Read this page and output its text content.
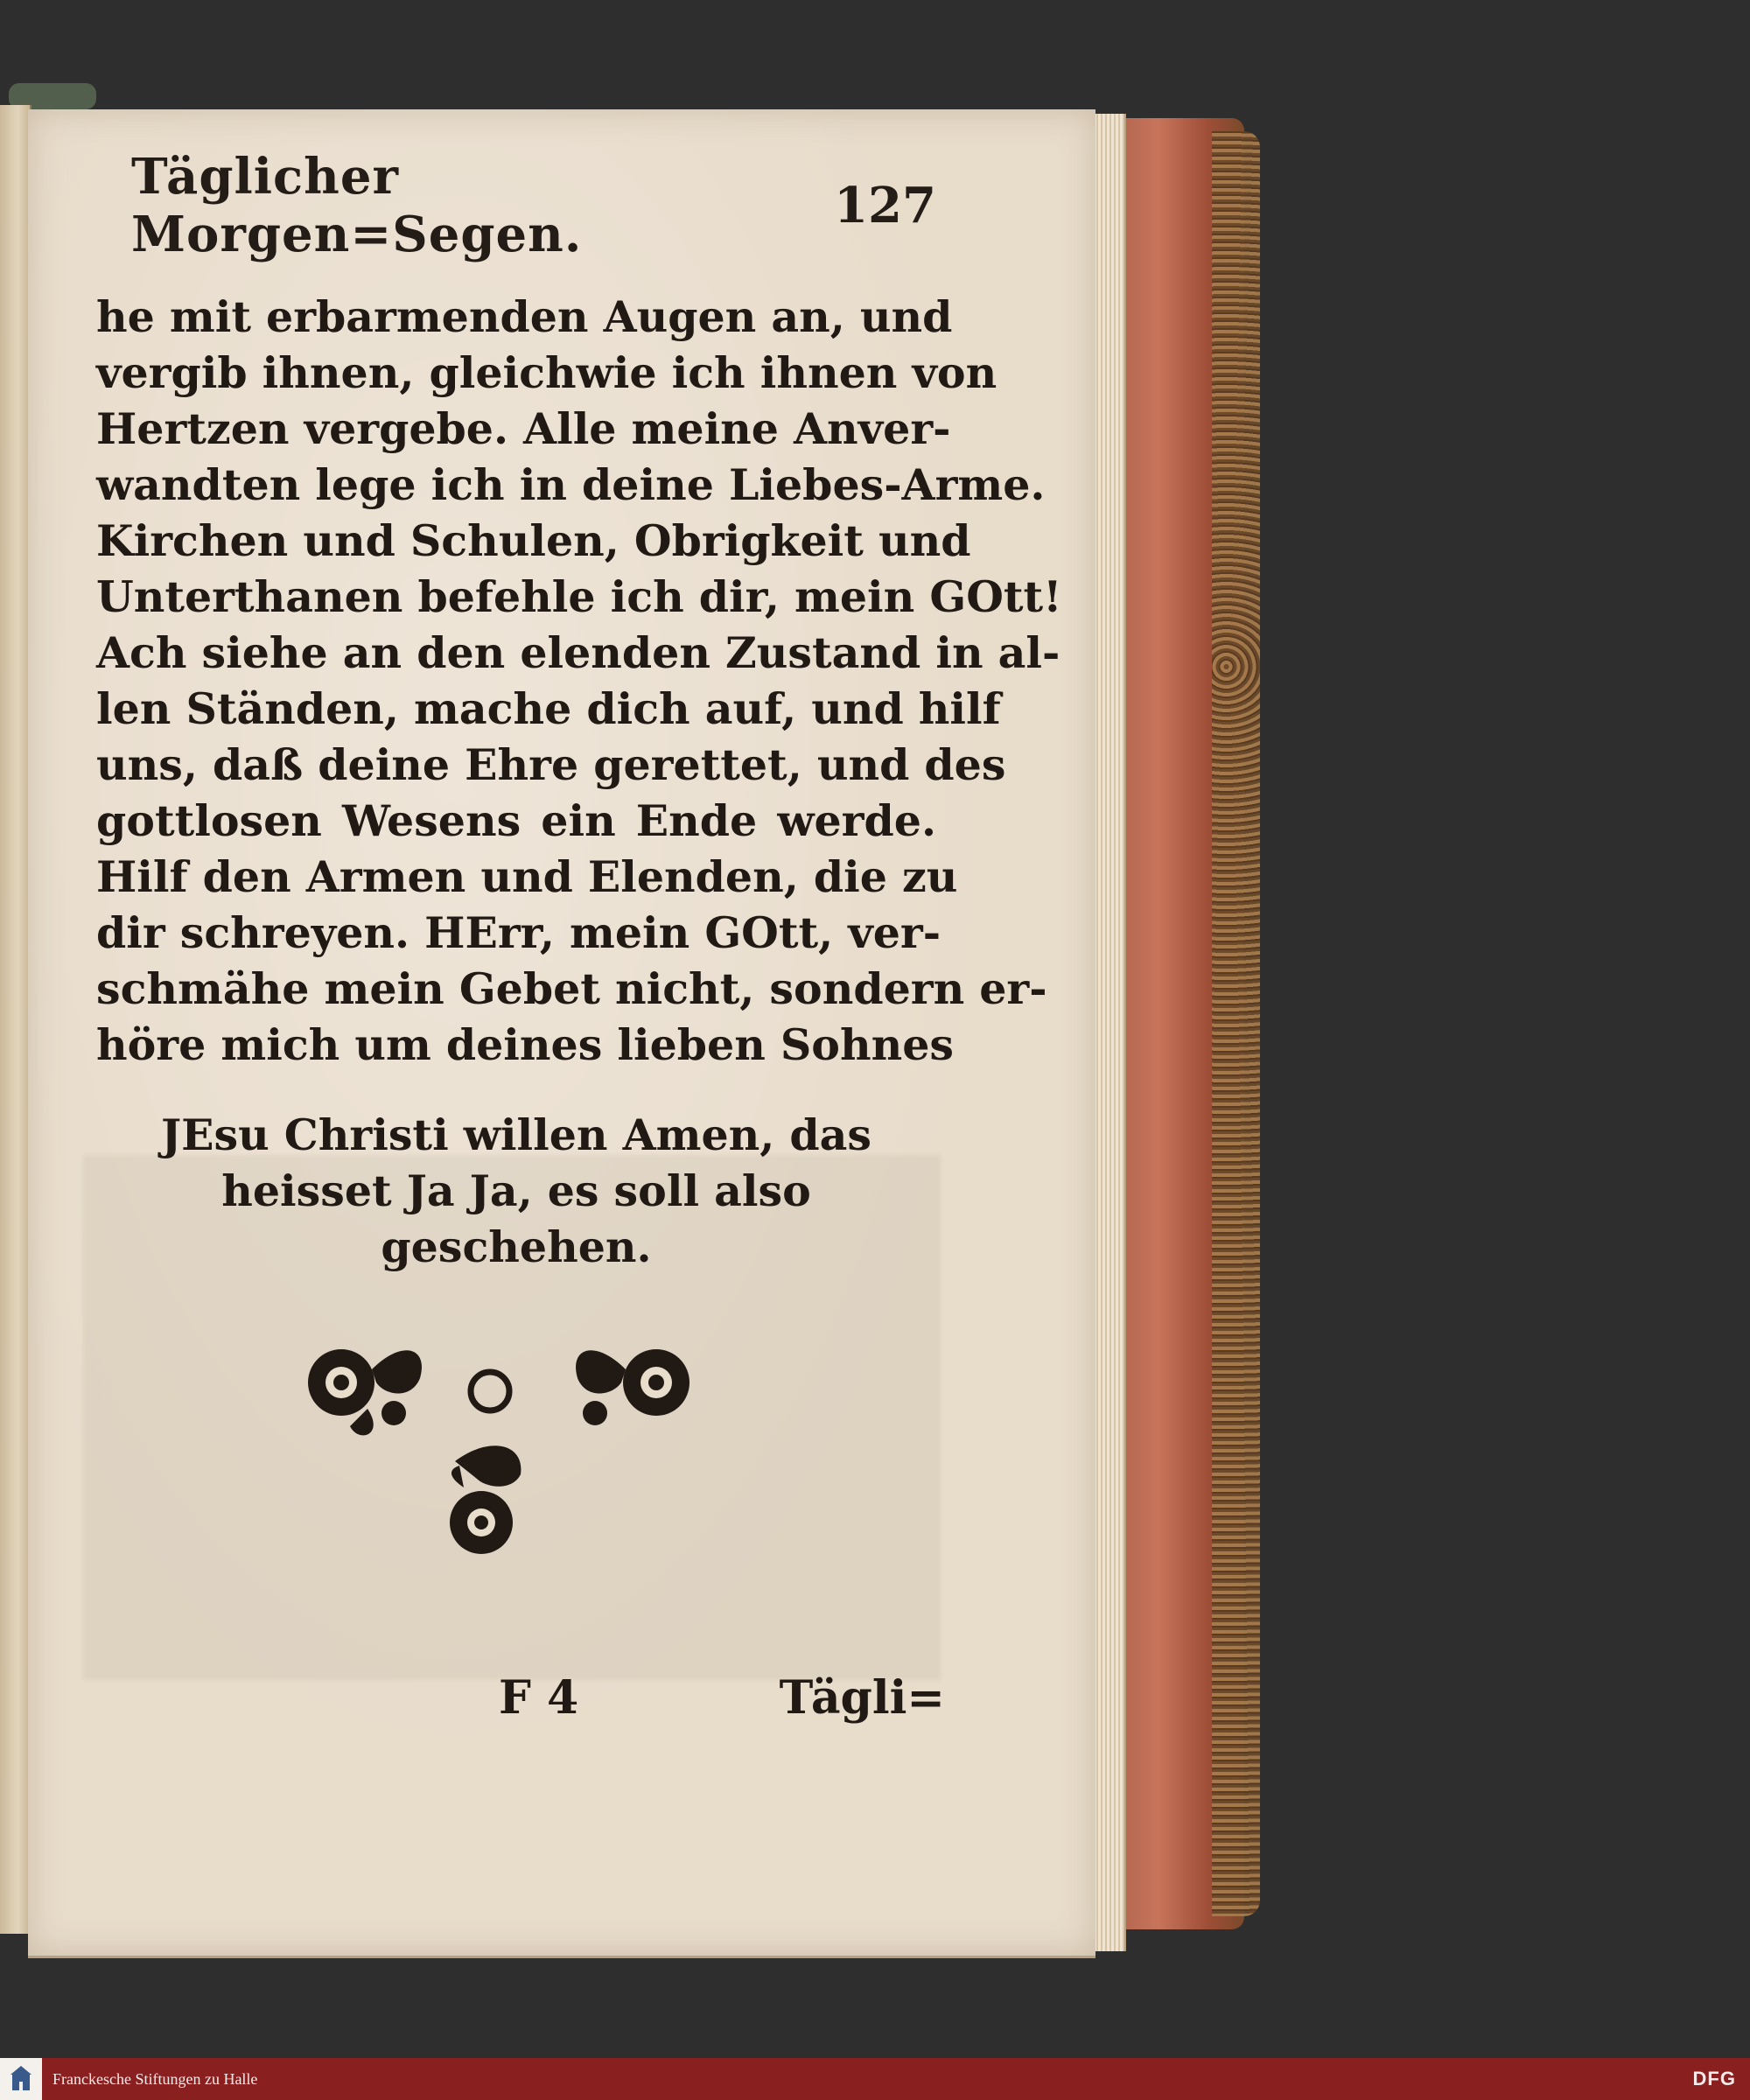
Täglicher Morgen=Segen.	127
he mit erbarmenden Augen an, und
vergib ihnen, gleichwie ich ihnen von
Hertzen vergebe. Alle meine Anver-
wandten lege ich in deine Liebes-Arme.
Kirchen und Schulen, Obrigkeit und
Unterthanen befehle ich dir, mein GOtt!
Ach siehe an den elenden Zustand in al-
len Ständen, mache dich auf, und hilf
uns, daß deine Ehre gerettet, und des
gottlosen Wesens ein Ende werde.
Hilf den Armen und Elenden, die zu
dir schreyen. HErr, mein GOtt, ver-
schmähe mein Gebet nicht, sondern er-
höre mich um deines lieben Sohnes
JEsu Christi willen Amen, das
heisset Ja Ja, es soll also
geschehen.
F 4	Tägli=
Franckesche Stiftungen zu Halle	DFG
